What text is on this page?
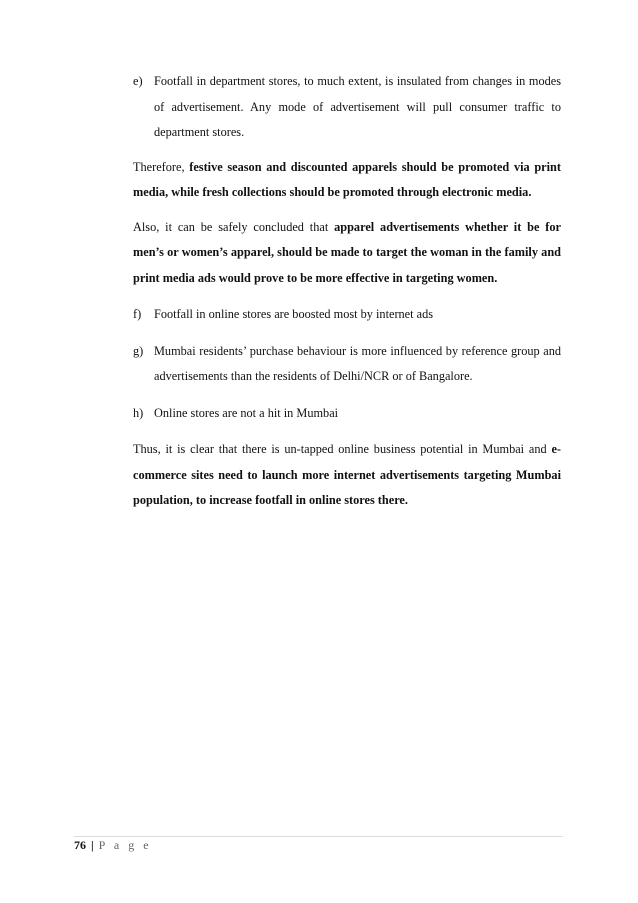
e) Footfall in department stores, to much extent, is insulated from changes in modes of advertisement. Any mode of advertisement will pull consumer traffic to department stores.

Therefore, festive season and discounted apparels should be promoted via print media, while fresh collections should be promoted through electronic media.

Also, it can be safely concluded that apparel advertisements whether it be for men’s or women’s apparel, should be made to target the woman in the family and print media ads would prove to be more effective in targeting women.

f) Footfall in online stores are boosted most by internet ads

g) Mumbai residents’ purchase behaviour is more influenced by reference group and advertisements than the residents of Delhi/NCR or of Bangalore.

h) Online stores are not a hit in Mumbai

Thus, it is clear that there is un-tapped online business potential in Mumbai and e-commerce sites need to launch more internet advertisements targeting Mumbai population, to increase footfall in online stores there.

76 | P a g e
